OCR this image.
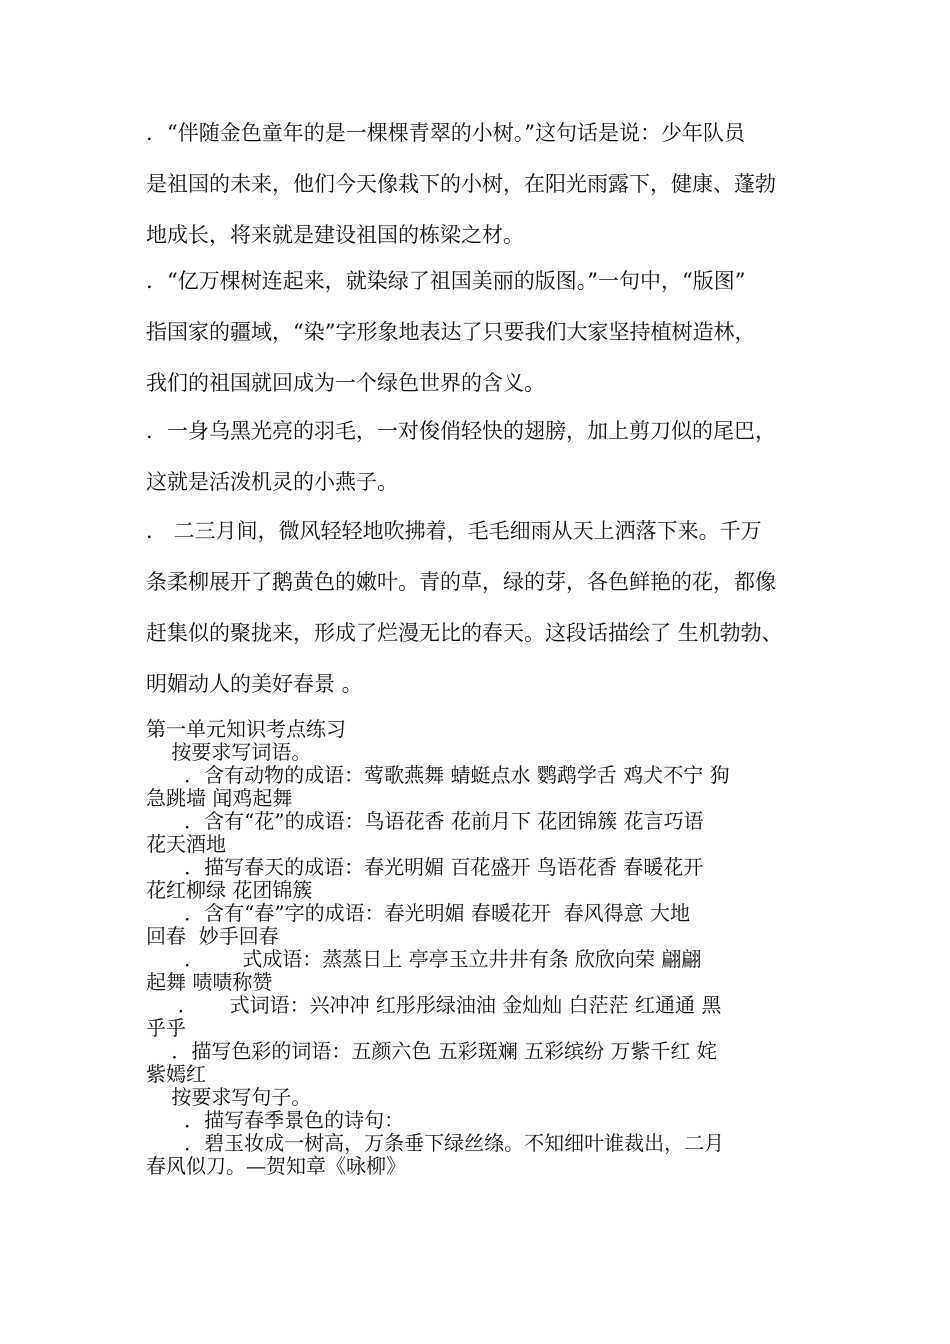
．“伴随金色童年的是一棵棵青翠的小树。”这句话是说：少年队员
是祖国的未来，他们今天像栽下的小树，在阳光雨露下，健康、蓬勃
地成长，将来就是建设祖国的栋梁之材。

．“亿万棵树连起来，就染绿了祖国美丽的版图。”一句中，“版图”
指国家的疆域，“染”字形象地表达了只要我们大家坚持植树造林，
我们的祖国就回成为一个绿色世界的含义。

．一身乌黑光亮的羽毛，一对俊俏轻快的翅膀，加上剪刀似的尾巴，
这就是活泼机灵的小燕子。

． 二三月间，微风轻轻地吹拂着，毛毛细雨从天上洒落下来。千万
条柔柳展开了鹅黄色的嫩叶。青的草，绿的芽，各色鲜艳的花，都像
赶集似的聚拢来，形成了烂漫无比的春天。这段话描绘了 生机勃勃、
明媚动人的美好春景 。

第一单元知识考点练习
按要求写词语。
．含有动物的成语：莺歌燕舞 蜻蜓点水 鹦鹉学舌 鸡犬不宁 狗
急跳墙 闻鸡起舞
．含有“花”的成语：鸟语花香 花前月下 花团锦簇 花言巧语
花天酒地
．描写春天的成语：春光明媚 百花盛开 鸟语花香 春暖花开
花红柳绿 花团锦簇
．含有“春”字的成语：春光明媚 春暖花开  春风得意 大地
回春  妙手回春
．      式成语：蒸蒸日上 亭亭玉立井井有条 欣欣向荣 翩翩
起舞 啧啧称赞
．     式词语：兴冲冲 红彤彤绿油油 金灿灿 白茫茫 红通通 黑
乎乎
．描写色彩的词语：五颜六色 五彩斑斓 五彩缤纷 万紫千红 姹
紫嫣红
按要求写句子。
．描写春季景色的诗句：
．碧玉妆成一树高，万条垂下绿丝绦。不知细叶谁裁出，二月
春风似刀。—贺知章《咏柳》
